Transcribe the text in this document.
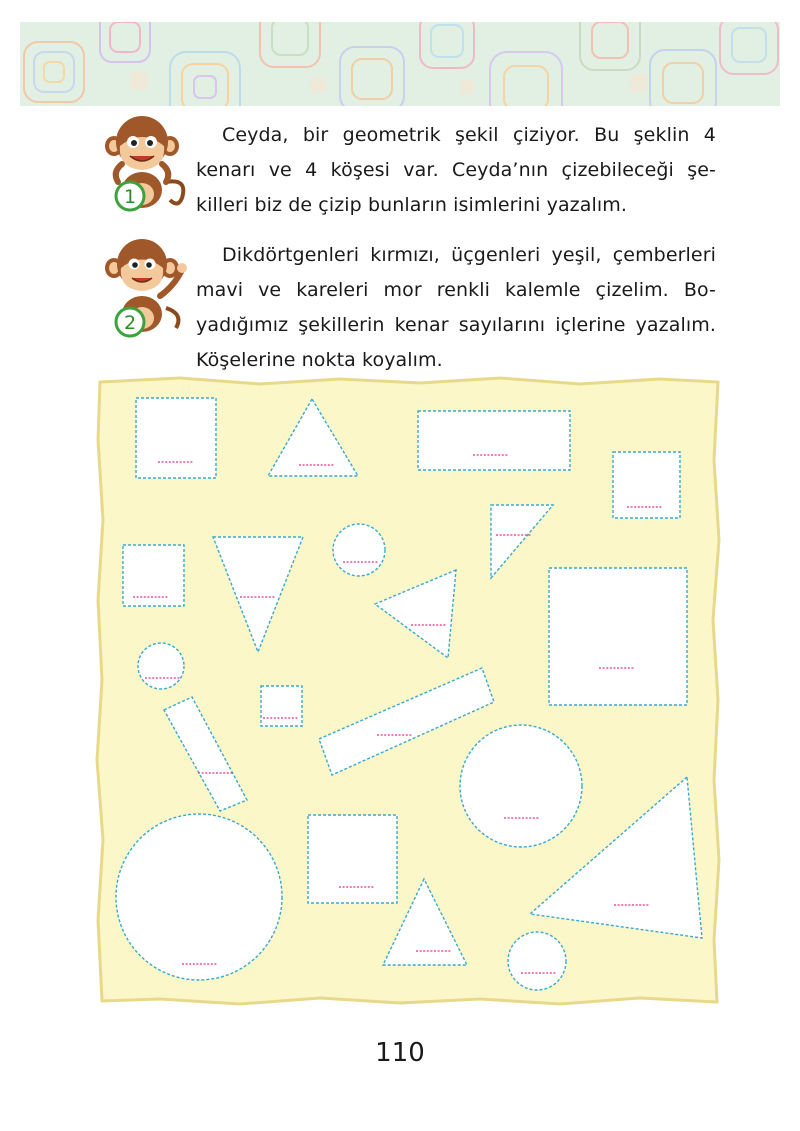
1

Ceyda, bir geometrik şekil çiziyor. Bu şeklin 4

kenarı ve 4 köşesi var. Ceyda’nın çizebileceği şe-

killeri biz de çizip bunların isimlerini yazalım.

2

Dikdörtgenleri kırmızı, üçgenleri yeşil, çemberleri

mavi ve kareleri mor renkli kalemle çizelim. Bo-

yadığımız şekillerin kenar sayılarını içlerine yazalım.

Köşelerine nokta koyalım.

110
